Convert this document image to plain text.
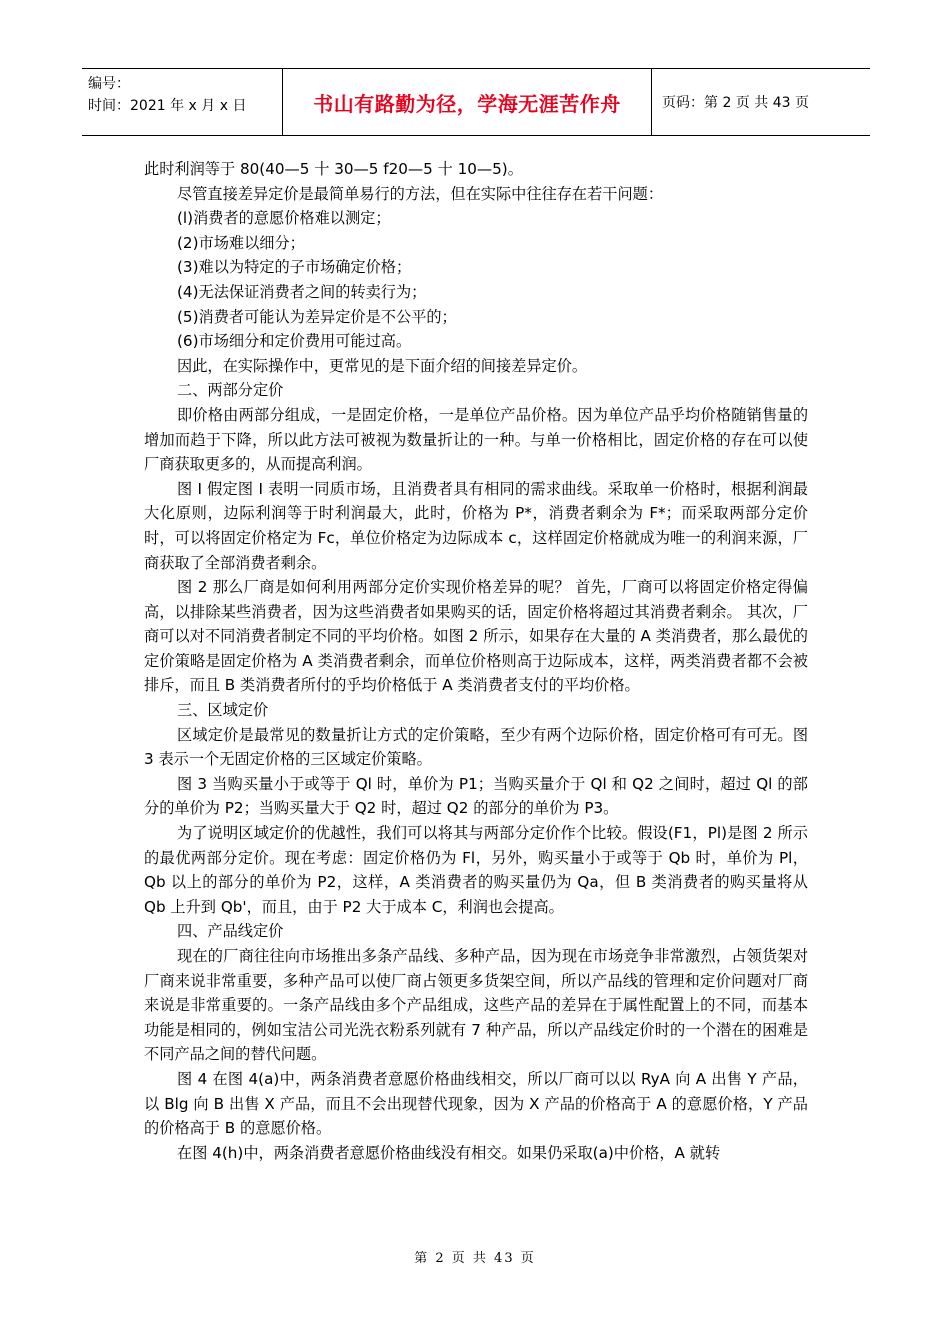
编号：
时间：2021 年 x 月 x 日	书山有路勤为径，学海无涯苦作舟	页码：第 2 页 共 43 页

此时利润等于 80(40—5 十 30—5 f20—5 十 10—5)。

尽管直接差异定价是最简单易行的方法，但在实际中往往存在若干问题：

(l)消费者的意愿价格难以测定；

(2)市场难以细分；

(3)难以为特定的子市场确定价格；

(4)无法保证消费者之间的转卖行为；

(5)消费者可能认为差异定价是不公平的；

(6)市场细分和定价费用可能过高。

因此，在实际操作中，更常见的是下面介绍的间接差异定价。

二、两部分定价

即价格由两部分组成，一是固定价格，一是单位产品价格。因为单位产品乎均价格随销售量的增加而趋于下降，所以此方法可被视为数量折让的一种。与单一价格相比，固定价格的存在可以使厂商获取更多的，从而提高利润。

图 I 假定图 I 表明一同质市场，且消费者具有相同的需求曲线。采取单一价格时，根据利润最大化原则，边际利润等于时利润最大，此时，价格为 P*，消费者剩余为 F*；而采取两部分定价时，可以将固定价格定为 Fc，单位价格定为边际成本 c，这样固定价格就成为唯一的利润来源，厂商获取了全部消费者剩余。

图 2 那么厂商是如何利用两部分定价实现价格差异的呢？ 首先，厂商可以将固定价格定得偏高，以排除某些消费者，因为这些消费者如果购买的话，固定价格将超过其消费者剩余。 其次，厂商可以对不同消费者制定不同的平均价格。如图 2 所示，如果存在大量的 A 类消费者，那么最优的定价策略是固定价格为 A 类消费者剩余，而单位价格则高于边际成本，这样，两类消费者都不会被排斥，而且 B 类消费者所付的乎均价格低于 A 类消费者支付的平均价格。

三、区域定价

区域定价是最常见的数量折让方式的定价策略，至少有两个边际价格，固定价格可有可无。图 3 表示一个无固定价格的三区域定价策略。

图 3 当购买量小于或等于 Ql 时，单价为 P1；当购买量介于 Ql 和 Q2 之间时，超过 Ql 的部分的单价为 P2；当购买量大于 Q2 时，超过 Q2 的部分的单价为 P3。

为了说明区域定价的优越性，我们可以将其与两部分定价作个比较。假设(F1，Pl)是图 2 所示的最优两部分定价。现在考虑：固定价格仍为 Fl，另外，购买量小于或等于 Qb 时，单价为 Pl，Qb 以上的部分的单价为 P2，这样，A 类消费者的购买量仍为 Qa，但 B 类消费者的购买量将从 Qb 上升到 Qb'，而且，由于 P2 大于成本 C，利润也会提高。

四、产品线定价

现在的厂商往往向市场推出多条产品线、多种产品，因为现在市场竞争非常激烈，占领货架对厂商来说非常重要，多种产品可以使厂商占领更多货架空间，所以产品线的管理和定价问题对厂商来说是非常重要的。一条产品线由多个产品组成，这些产品的差异在于属性配置上的不同，而基本功能是相同的，例如宝洁公司光洗衣粉系列就有 7 种产品，所以产品线定价时的一个潜在的困难是不同产品之间的替代问题。

图 4 在图 4(a)中，两条消费者意愿价格曲线相交，所以厂商可以以 RyA 向 A 出售 Y 产品，以 Blg 向 B 出售 X 产品，而且不会出现替代现象，因为 X 产品的价格高于 A 的意愿价格，Y 产品的价格高于 B 的意愿价格。

在图 4(h)中，两条消费者意愿价格曲线没有相交。如果仍采取(a)中价格，A 就转

第 2 页 共 43 页
